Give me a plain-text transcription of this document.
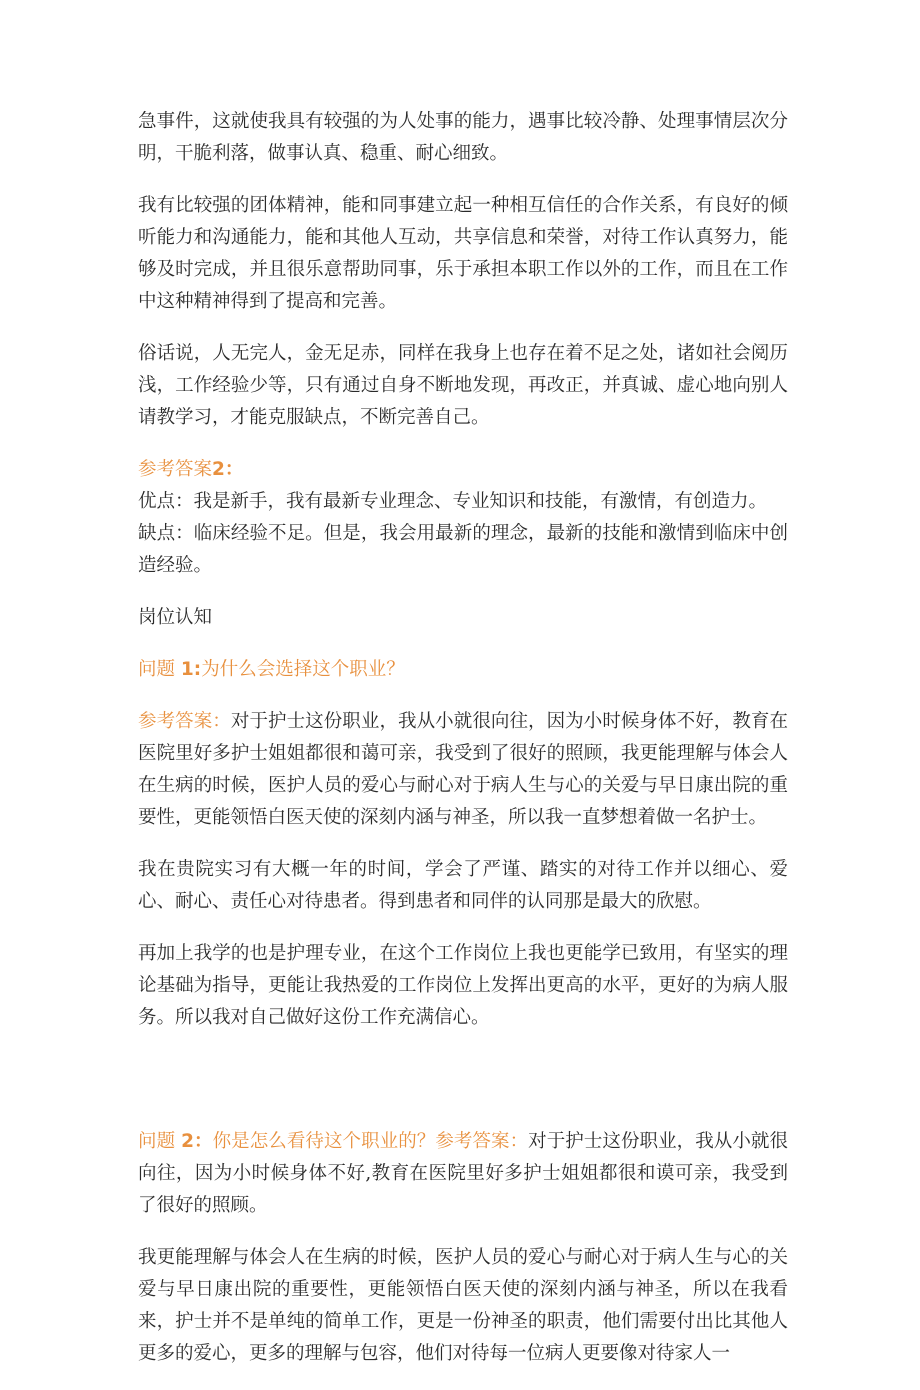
急事件，这就使我具有较强的为人处事的能力，遇事比较冷静、处理事情层次分明，干脆利落，做事认真、稳重、耐心细致。

我有比较强的团体精神，能和同事建立起一种相互信任的合作关系，有良好的倾听能力和沟通能力，能和其他人互动，共享信息和荣誉，对待工作认真努力，能够及时完成，并且很乐意帮助同事，乐于承担本职工作以外的工作，而且在工作中这种精神得到了提高和完善。

俗话说，人无完人，金无足赤，同样在我身上也存在着不足之处，诸如社会阅历浅，工作经验少等，只有通过自身不断地发现，再改正，并真诚、虚心地向别人请教学习，才能克服缺点，不断完善自己。

参考答案2：

优点：我是新手，我有最新专业理念、专业知识和技能，有激情，有创造力。

缺点：临床经验不足。但是，我会用最新的理念，最新的技能和激情到临床中创造经验。

岗位认知

问题 1:为什么会选择这个职业？

参考答案：对于护士这份职业，我从小就很向往，因为小时候身体不好，教育在医院里好多护士姐姐都很和蔼可亲，我受到了很好的照顾，我更能理解与体会人在生病的时候，医护人员的爱心与耐心对于病人生与心的关爱与早日康出院的重要性，更能领悟白医天使的深刻内涵与神圣，所以我一直梦想着做一名护士。

我在贵院实习有大概一年的时间，学会了严谨、踏实的对待工作并以细心、爱心、耐心、责任心对待患者。得到患者和同伴的认同那是最大的欣慰。

再加上我学的也是护理专业，在这个工作岗位上我也更能学已致用，有坚实的理论基础为指导，更能让我热爱的工作岗位上发挥出更高的水平，更好的为病人服务。所以我对自己做好这份工作充满信心。

问题 2：你是怎么看待这个职业的？参考答案：对于护士这份职业，我从小就很向往，因为小时候身体不好,教育在医院里好多护士姐姐都很和谟可亲，我受到了很好的照顾。

我更能理解与体会人在生病的时候，医护人员的爱心与耐心对于病人生与心的关爱与早日康出院的重要性，更能领悟白医天使的深刻内涵与神圣，所以在我看来，护士并不是单纯的简单工作，更是一份神圣的职责，他们需要付出比其他人更多的爱心，更多的理解与包容，他们对待每一位病人更要像对待家人一
